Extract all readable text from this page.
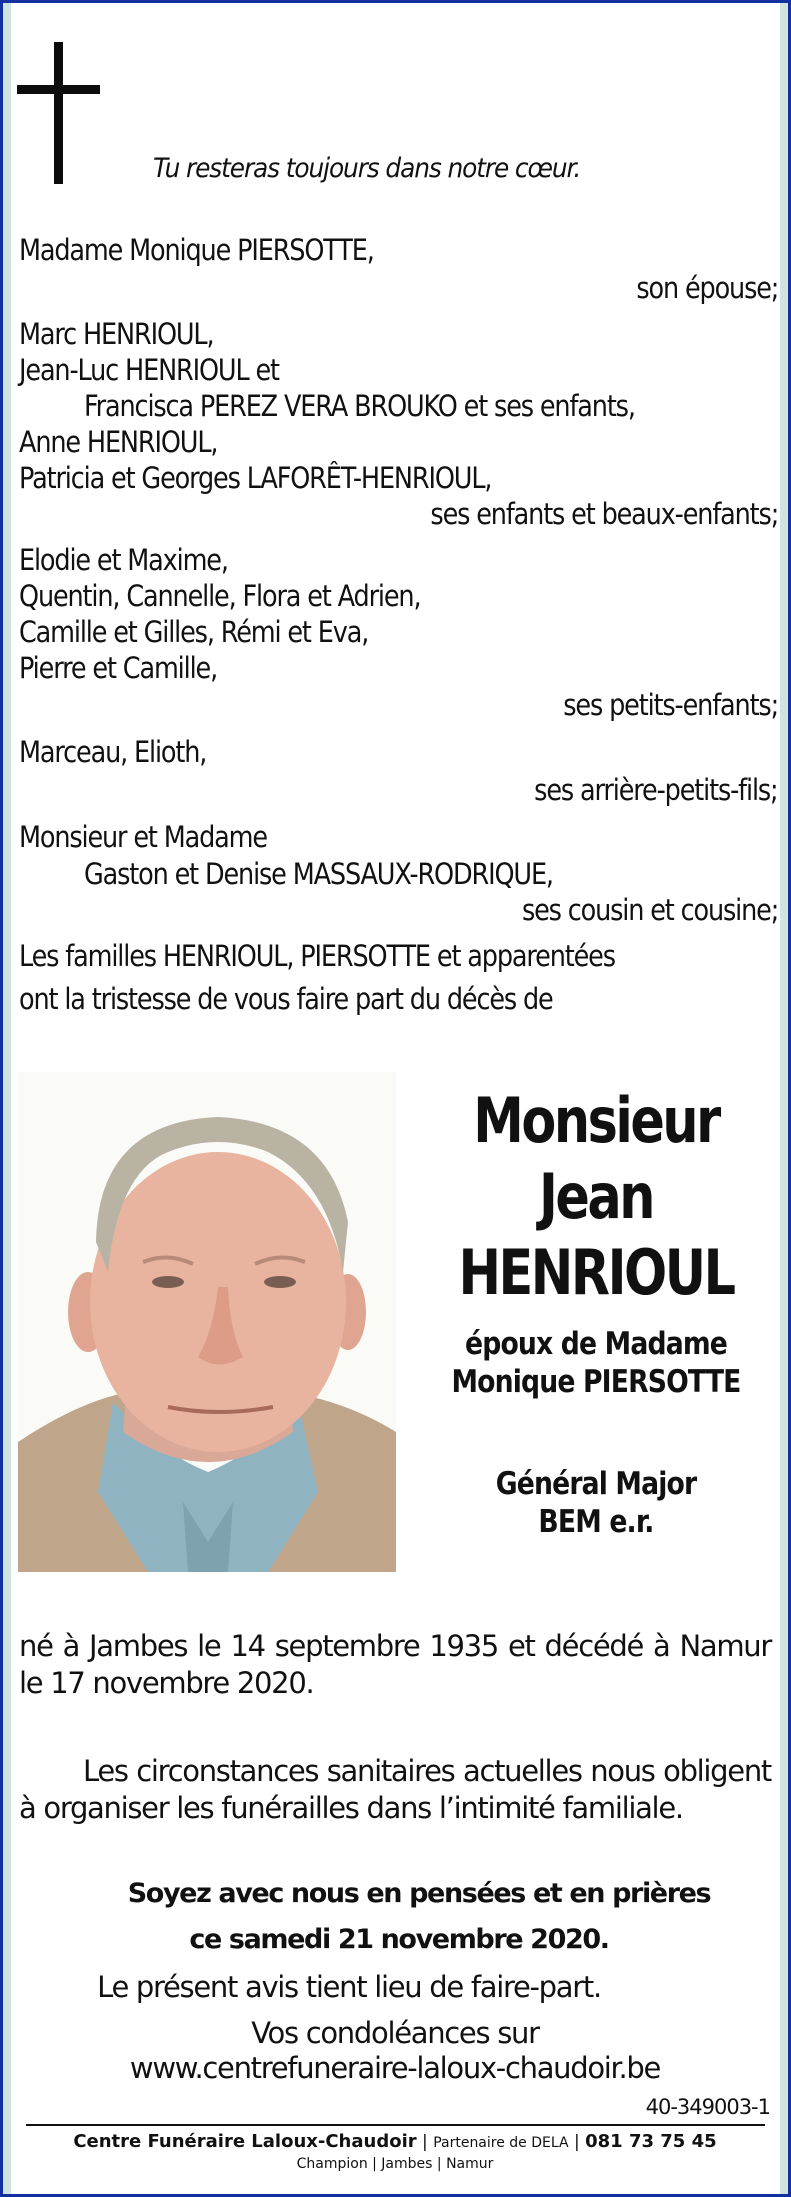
Tu resteras toujours dans notre cœur.
Madame Monique PIERSOTTE,
son épouse;
Marc HENRIOUL,
Jean-Luc HENRIOUL et
Francisca PEREZ VERA BROUKO et ses enfants,
Anne HENRIOUL,
Patricia et Georges LAFORÊT-HENRIOUL,
ses enfants et beaux-enfants;
Elodie et Maxime,
Quentin, Cannelle, Flora et Adrien,
Camille et Gilles, Rémi et Eva,
Pierre et Camille,
ses petits-enfants;
Marceau, Elioth,
ses arrière-petits-fils;
Monsieur et Madame
Gaston et Denise MASSAUX-RODRIQUE,
ses cousin et cousine;
Les familles HENRIOUL, PIERSOTTE et apparentées
ont la tristesse de vous faire part du décès de
Monsieur
Jean
HENRIOUL
époux de Madame
Monique PIERSOTTE
Général Major
BEM e.r.
né à Jambes le 14 septembre 1935 et décédé à Namur le 17 novembre 2020.
Les circonstances sanitaires actuelles nous obligent à organiser les funérailles dans l’intimité familiale.
Soyez avec nous en pensées et en prières
ce samedi 21 novembre 2020.
Le présent avis tient lieu de faire-part.
Vos condoléances sur
www.centrefuneraire-laloux-chaudoir.be
40-349003-1
Centre Funéraire Laloux-Chaudoir | Partenaire de DELA | 081 73 75 45
Champion | Jambes | Namur
